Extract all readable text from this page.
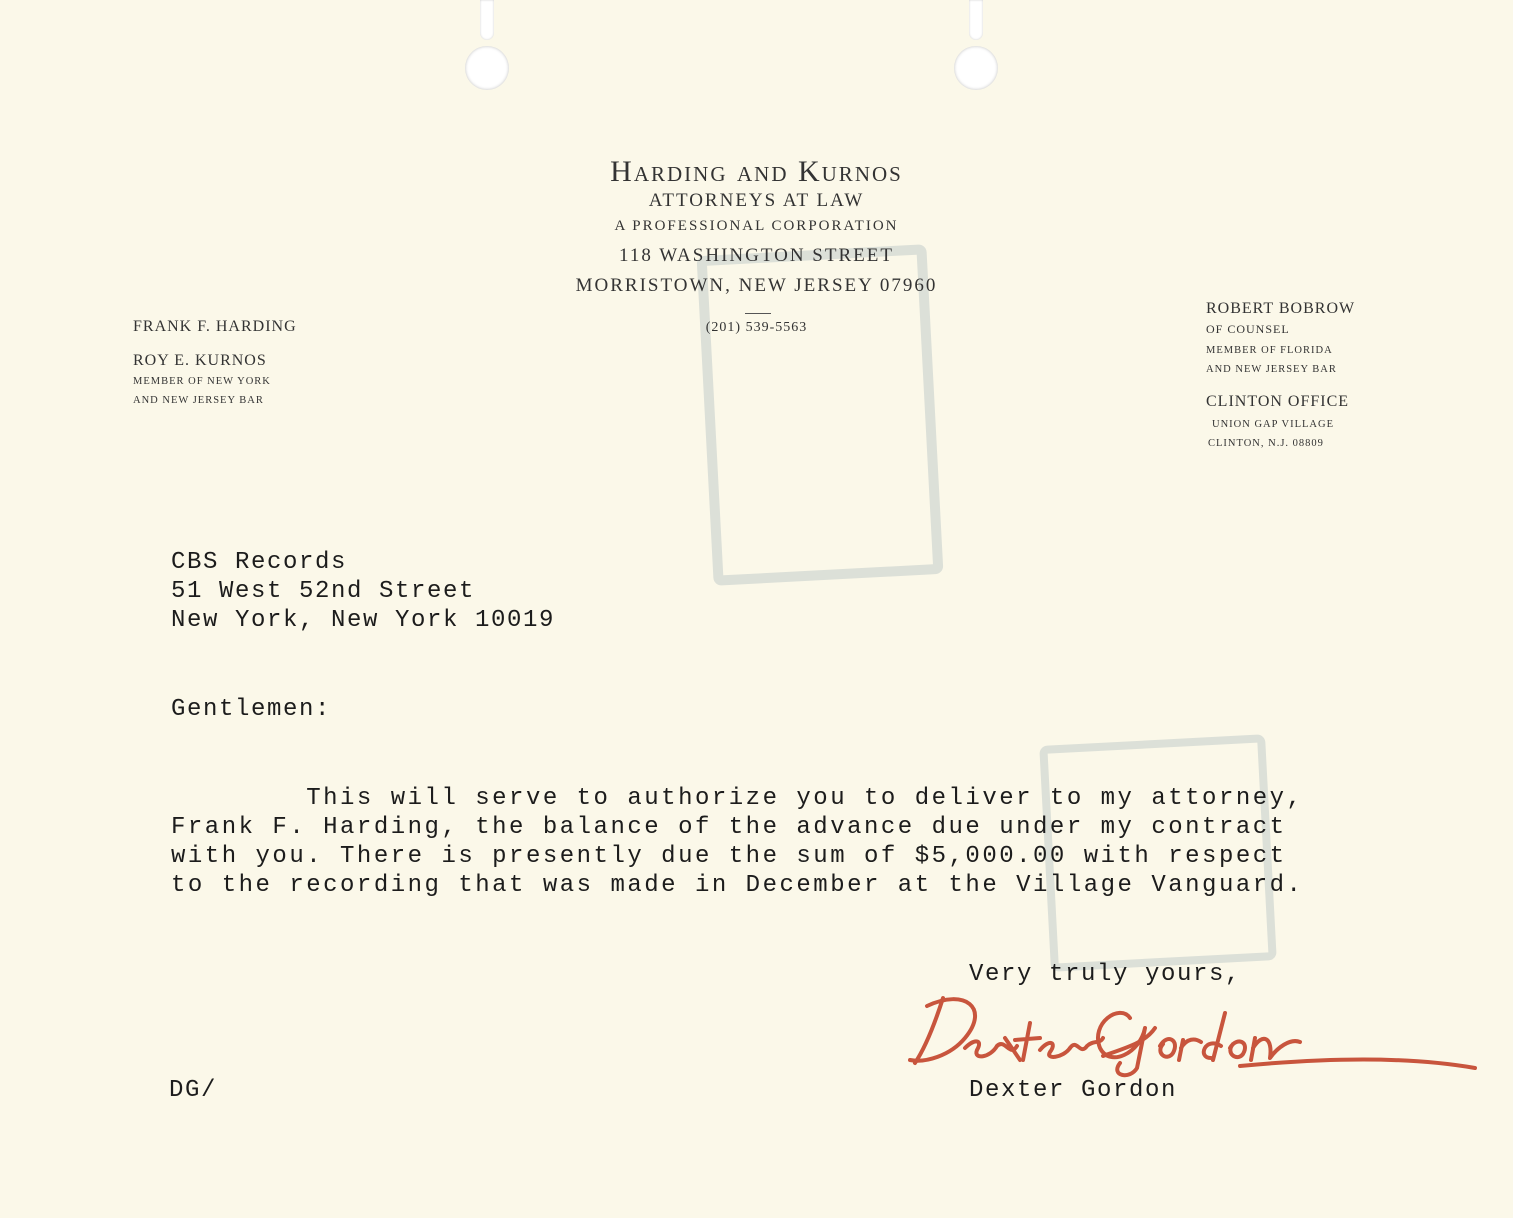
Harding and Kurnos
ATTORNEYS AT LAW
A PROFESSIONAL CORPORATION
118 WASHINGTON STREET
MORRISTOWN, NEW JERSEY 07960
(201) 539-5563
FRANK F. HARDING
ROY E. KURNOS
MEMBER OF NEW YORK
AND NEW JERSEY BAR
ROBERT BOBROW
OF COUNSEL
MEMBER OF FLORIDA
AND NEW JERSEY BAR
CLINTON OFFICE
UNION GAP VILLAGE
CLINTON, N.J. 08809
CBS Records
51 West 52nd Street
New York, New York 10019
Gentlemen:
This will serve to authorize you to deliver to my attorney,
Frank F. Harding, the balance of the advance due under my contract
with you. There is presently due the sum of $5,000.00 with respect
to the recording that was made in December at the Village Vanguard.
Very truly yours,
DG/	Dexter Gordon
